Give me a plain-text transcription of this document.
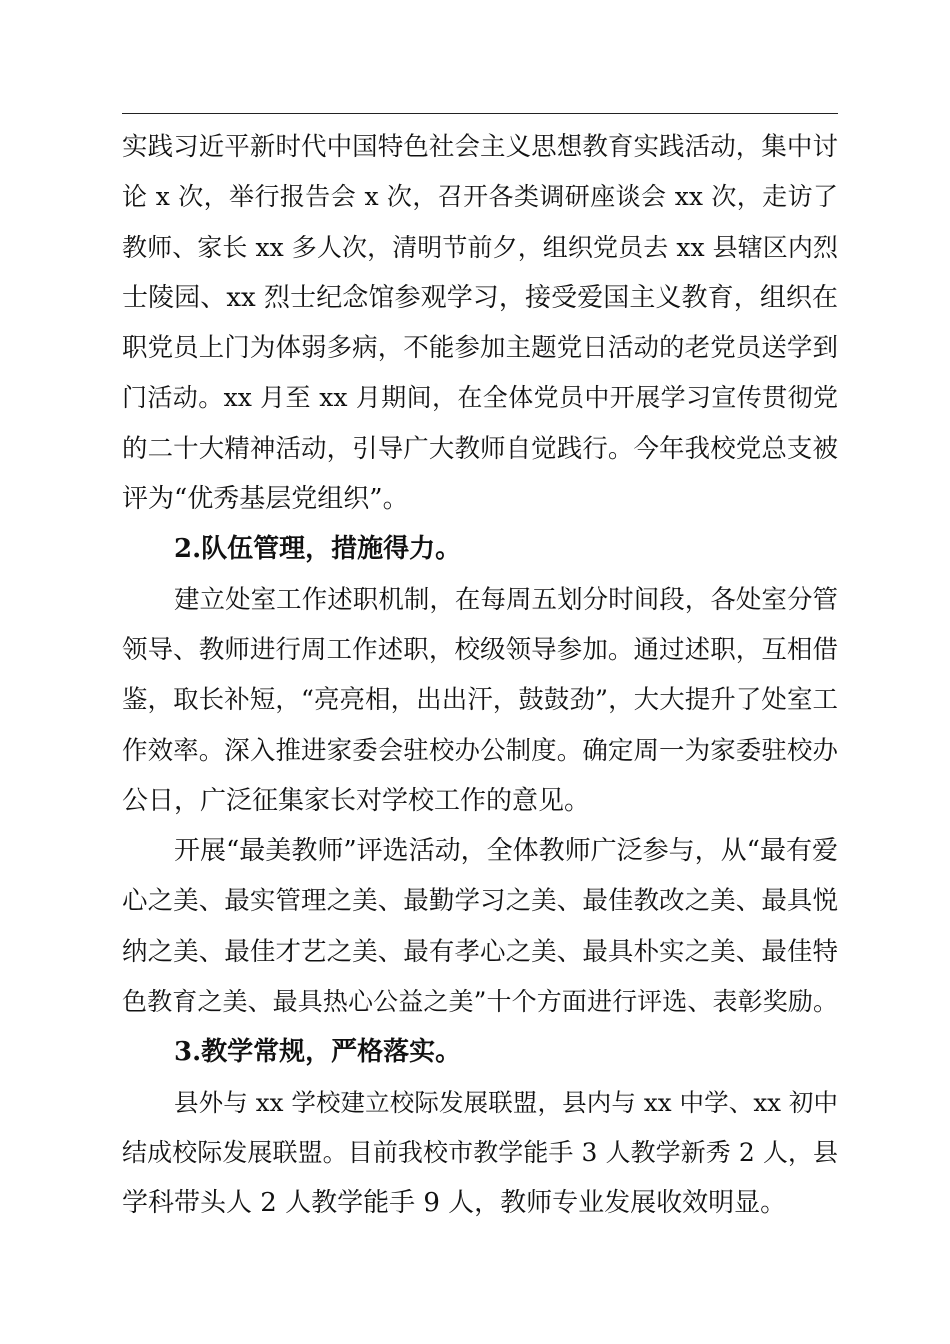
实践习近平新时代中国特色社会主义思想教育实践活动，集中讨
论 x 次，举行报告会 x 次，召开各类调研座谈会 xx 次，走访了
教师、家长 xx 多人次，清明节前夕，组织党员去 xx 县辖区内烈
士陵园、xx 烈士纪念馆参观学习，接受爱国主义教育，组织在
职党员上门为体弱多病，不能参加主题党日活动的老党员送学到
门活动。xx 月至 xx 月期间，在全体党员中开展学习宣传贯彻党
的二十大精神活动，引导广大教师自觉践行。今年我校党总支被
评为“优秀基层党组织”。
2.队伍管理，措施得力。
建立处室工作述职机制，在每周五划分时间段，各处室分管
领导、教师进行周工作述职，校级领导参加。通过述职，互相借
鉴，取长补短，“亮亮相，出出汗，鼓鼓劲”，大大提升了处室工
作效率。深入推进家委会驻校办公制度。确定周一为家委驻校办
公日，广泛征集家长对学校工作的意见。
开展“最美教师”评选活动，全体教师广泛参与，从“最有爱
心之美、最实管理之美、最勤学习之美、最佳教改之美、最具悦
纳之美、最佳才艺之美、最有孝心之美、最具朴实之美、最佳特
色教育之美、最具热心公益之美”十个方面进行评选、表彰奖励。
3.教学常规，严格落实。
县外与 xx 学校建立校际发展联盟，县内与 xx 中学、xx 初中
结成校际发展联盟。目前我校市教学能手 3 人教学新秀 2 人，县
学科带头人 2 人教学能手 9 人，教师专业发展收效明显。
